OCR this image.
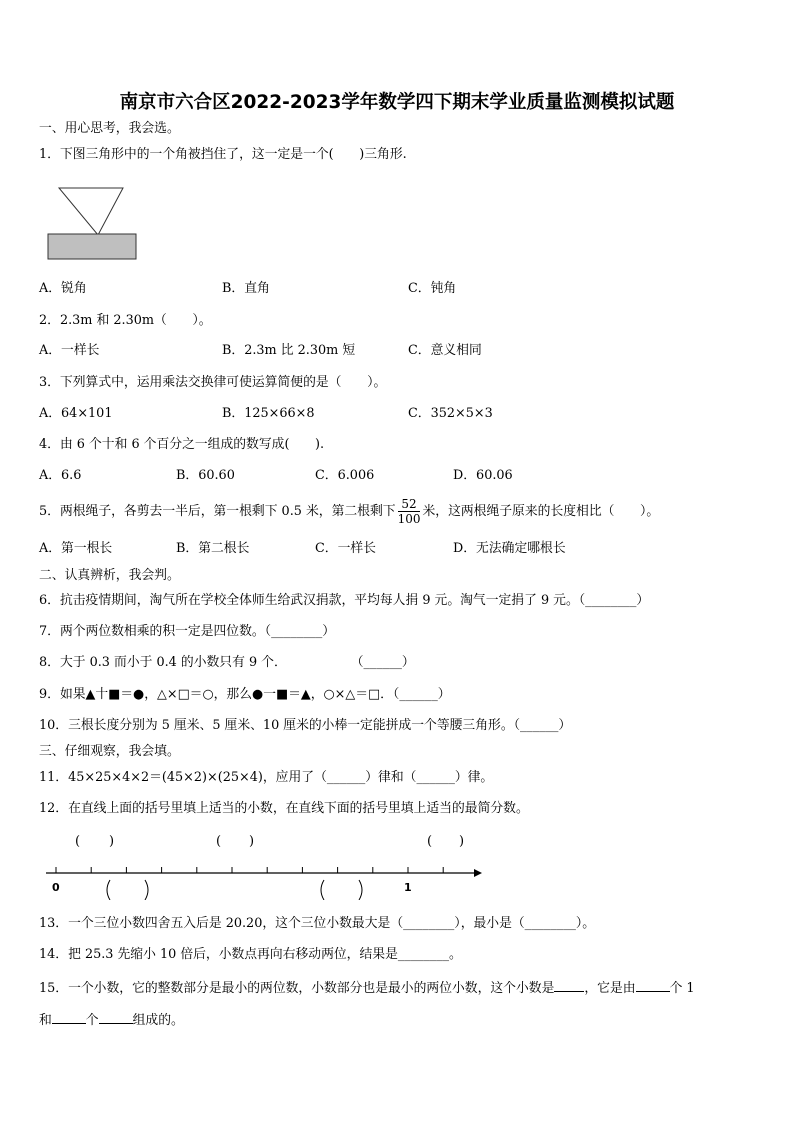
南京市六合区2022-2023学年数学四下期末学业质量监测模拟试题
一、用心思考，我会选。
1．下图三角形中的一个角被挡住了，这一定是一个(　　)三角形.
A．锐角	B．直角	C．钝角
2．2.3m 和 2.30m（　　）。
A．一样长	B．2.3m 比 2.30m 短	C．意义相同
3．下列算式中，运用乘法交换律可使运算简便的是（　　）。
A．64×101	B．125×66×8	C．352×5×3
4．由 6 个十和 6 个百分之一组成的数写成(　　).
A．6.6	B．60.60	C．6.006	D．60.06
5．两根绳子，各剪去一半后，第一根剩下 0.5 米，第二根剩下 $\frac{52}{100}$ 米，这两根绳子原来的长度相比（　　）。
A．第一根长	B．第二根长	C．一样长	D．无法确定哪根长
二、认真辨析，我会判。
6．抗击疫情期间，淘气所在学校全体师生给武汉捐款，平均每人捐 9 元。淘气一定捐了 9 元。（________）
7．两个两位数相乘的积一定是四位数。（________）
8．大于 0.3 而小于 0.4 的小数只有 9 个．　　　　　　（______）
9．如果▲十■＝●，△×□＝○，那么●一■＝▲，○×△＝□．（______）
10．三根长度分别为 5 厘米、5 厘米、10 厘米的小棒一定能拼成一个等腰三角形。（______）
三、仔细观察，我会填。
11．45×25×4×2＝(45×2)×(25×4)，应用了（______）律和（______）律。
12．在直线上面的括号里填上适当的小数，在直线下面的括号里填上适当的最简分数。
( )	( )	( )
0	1
13．一个三位小数四舍五入后是 20.20，这个三位小数最大是（________），最小是（________）。
14．把 25.3 先缩小 10 倍后，小数点再向右移动两位，结果是________。
15．一个小数，它的整数部分是最小的两位数，小数部分也是最小的两位小数，这个小数是 ，它是由	个 1
和	个	组成的。
